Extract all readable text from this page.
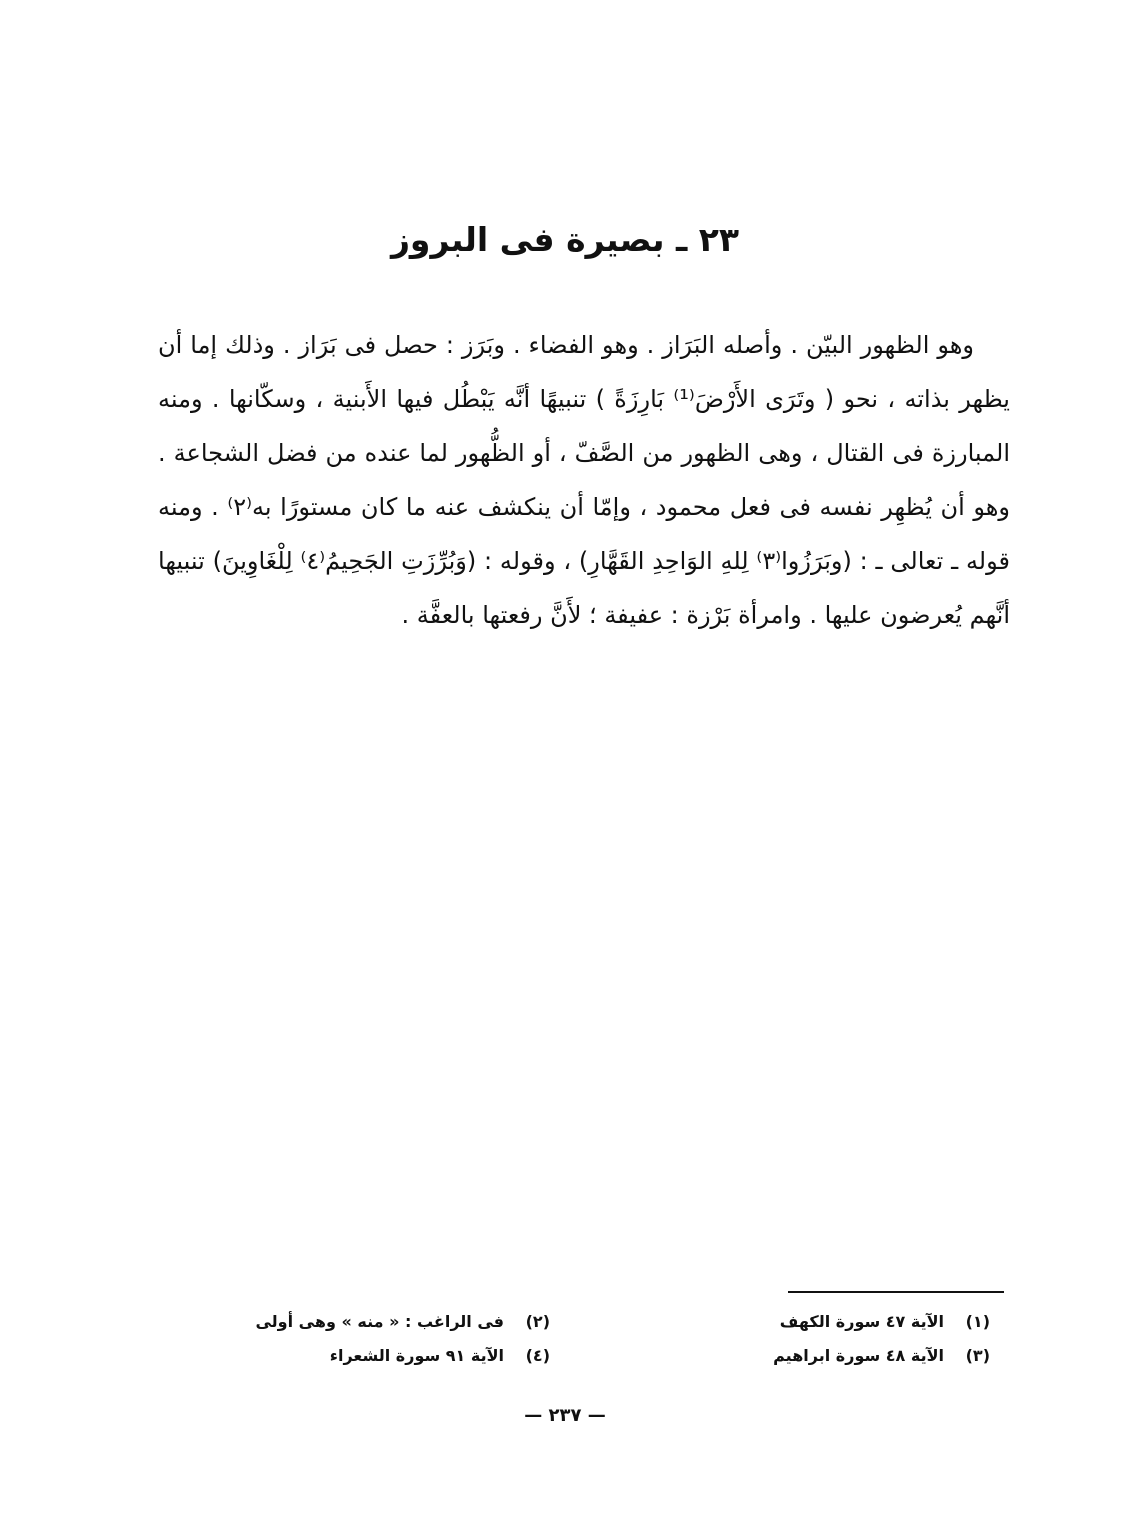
٢٣ ـ بصيرة فى البروز

وهو الظهور البيّن . وأصله البَرَاز . وهو الفضاء . وبَرَز : حصل فى بَرَاز . وذلك إما أن يظهر بذاته ، نحو ( وتَرَى الأَرْضَ⁽¹⁾ بَارِزَةً ) تنبيهًا أنَّه يَبْطُل فيها الأَبنية ، وسكّانها . ومنه المبارزة فى القتال ، وهى الظهور من الصَّفّ ، أو الظُّهور لما عنده من فضل الشجاعة . وهو أن يُظهِر نفسه فى فعل محمود ، وإمّا أن ينكشف عنه ما كان مستورًا به⁽٢⁾ . ومنه قوله ـ تعالى ـ : (وبَرَزُوا⁽٣⁾ لِلهِ الوَاحِدِ القَهَّارِ) ، وقوله : (وَبُرِّزَتِ الجَحِيمُ⁽٤⁾ لِلْغَاوِينَ) تنبيها أنَّهم يُعرضون عليها . وامرأة بَرْزة : عفيفة ؛ لأَنَّ رفعتها بالعفَّة .

(١)
الآية ٤٧ سورة الكهف
(٣)
الآية ٤٨ سورة ابراهيم
(٢)
فى الراغب : « منه » وهى أولى
(٤)
الآية ٩١ سورة الشعراء
— ٢٣٧ —
